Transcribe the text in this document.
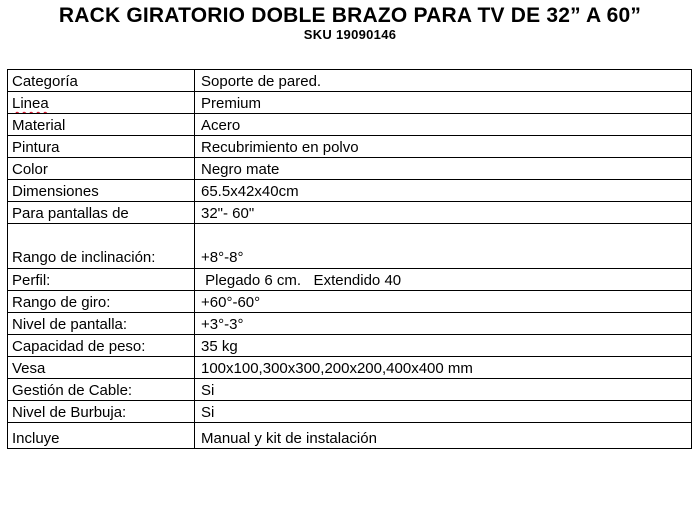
RACK GIRATORIO DOBLE BRAZO PARA TV DE 32” A 60”
SKU 19090146
Categoría	Soporte de pared.
Linea	Premium
Material	Acero
Pintura	Recubrimiento en polvo
Color	Negro mate
Dimensiones	65.5x42x40cm
Para pantallas de	32"- 60"
Rango de inclinación:	+8°-8°
Perfil:	Plegado 6 cm.   Extendido 40
Rango de giro:	+60°-60°
Nivel de pantalla:	+3°-3°
Capacidad de peso:	35 kg
Vesa	100x100,300x300,200x200,400x400 mm
Gestión de Cable:	Si
Nivel de Burbuja:	Si
Incluye	Manual y kit de instalación
